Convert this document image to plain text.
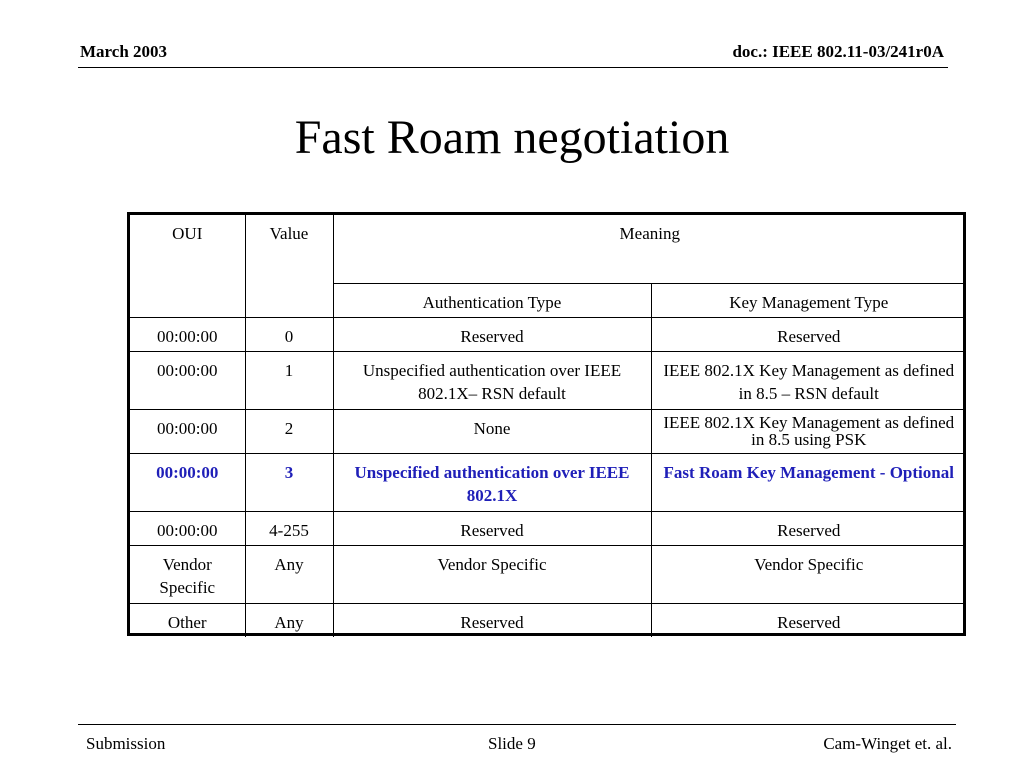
March 2003	doc.: IEEE 802.11-03/241r0A
Fast Roam negotiation
OUI	Value	Meaning	
		Authentication Type	Key Management Type
00:00:00	0	Reserved	Reserved
00:00:00	1	Unspecified authentication over IEEE 802.1X– RSN default	IEEE 802.1X Key Management as defined in 8.5 – RSN default
00:00:00	2	None	IEEE 802.1X Key Management as defined in 8.5 using PSK
00:00:00	3	Unspecified authentication over IEEE 802.1X	Fast Roam Key Management - Optional
00:00:00	4-255	Reserved	Reserved
Vendor Specific	Any	Vendor Specific	Vendor Specific
Other	Any	Reserved	Reserved
Submission	Slide 9	Cam-Winget et. al.
